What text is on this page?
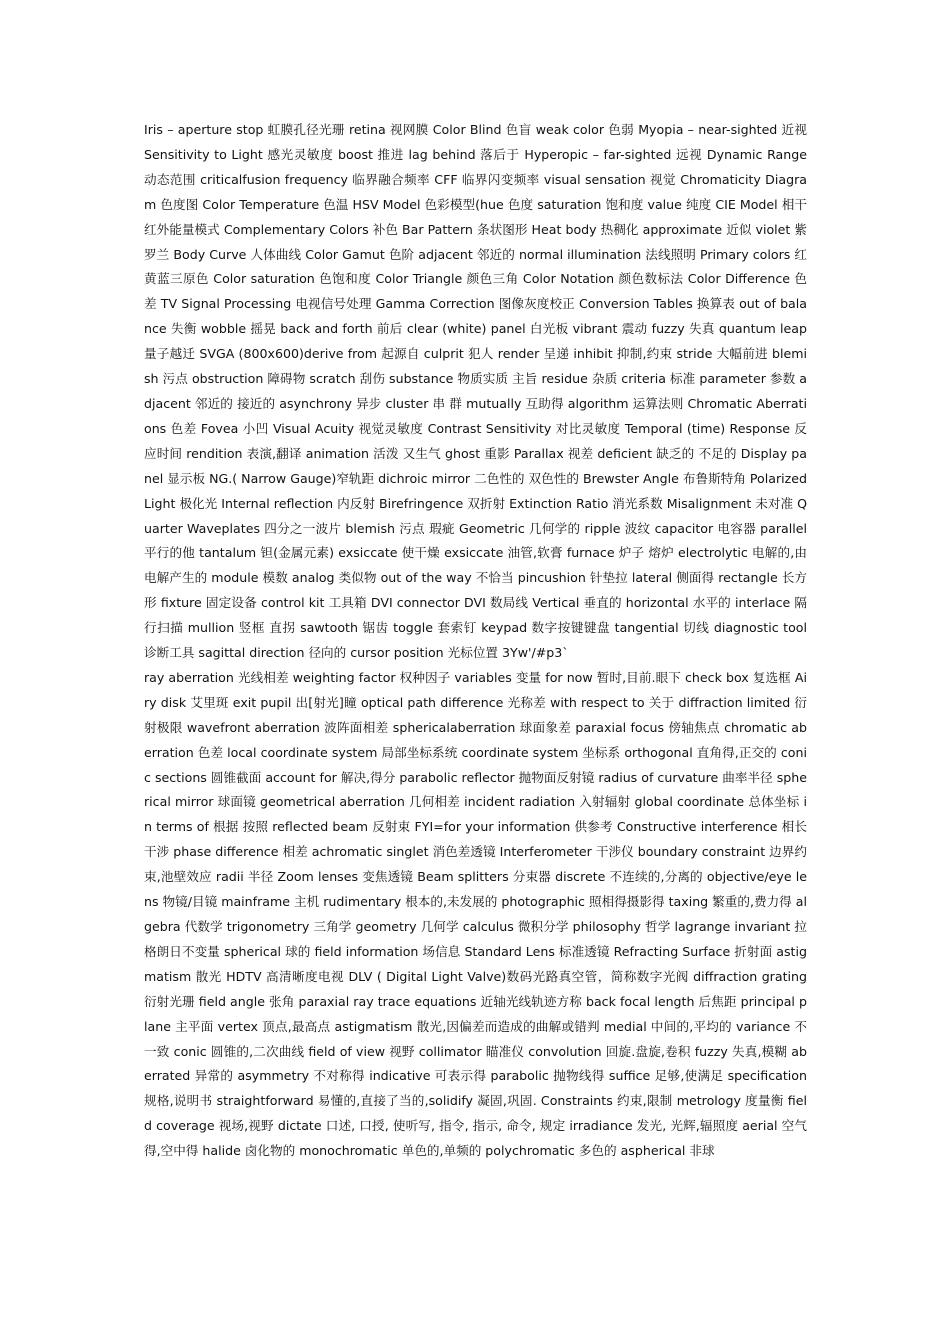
Iris – aperture stop 虹膜孔径光珊 retina 视网膜 Color Blind 色盲 weak color 色弱 Myopia – near-sighted 近视 Sensitivity to Light 感光灵敏度 boost 推进 lag behind 落后于 Hyperopic – far-sighted 远视 Dynamic Range 动态范围 criticalfusion frequency 临界融合频率 CFF 临界闪变频率 visual sensation 视觉 Chromaticity Diagram 色度图 Color Temperature 色温 HSV Model 色彩模型(hue 色度 saturation 饱和度 value 纯度 CIE Model 相干红外能量模式 Complementary Colors 补色 Bar Pattern 条状图形 Heat body 热稠化 approximate 近似 violet 紫罗兰 Body Curve 人体曲线 Color Gamut 色阶 adjacent 邻近的 normal illumination 法线照明 Primary colors 红黄蓝三原色 Color saturation 色饱和度 Color Triangle 颜色三角 Color Notation 颜色数标法 Color Difference 色差 TV Signal Processing 电视信号处理 Gamma Correction 图像灰度校正 Conversion Tables 换算表 out of balance 失衡 wobble 摇晃 back and forth 前后 clear (white) panel 白光板 vibrant 震动 fuzzy 失真 quantum leap 量子越迁 SVGA (800x600)derive from 起源自 culprit 犯人 render 呈递 inhibit 抑制,约束 stride 大幅前进 blemish 污点 obstruction 障碍物 scratch 刮伤 substance 物质实质 主旨 residue 杂质 criteria 标准 parameter 参数 adjacent 邻近的 接近的 asynchrony 异步 cluster 串 群 mutually 互助得 algorithm 运算法则 Chromatic Aberrations 色差 Fovea 小凹 Visual Acuity 视觉灵敏度 Contrast Sensitivity 对比灵敏度 Temporal (time) Response 反应时间 rendition 表演,翻译 animation 活泼 又生气 ghost 重影 Parallax 视差 deficient 缺乏的 不足的 Display panel 显示板 NG.( Narrow Gauge)窄轨距 dichroic mirror 二色性的 双色性的 Brewster Angle 布鲁斯特角 Polarized Light 极化光 Internal reflection 内反射 Birefringence 双折射 Extinction Ratio 消光系数 Misalignment 未对准 Quarter Waveplates 四分之一波片 blemish 污点 瑕疵 Geometric 几何学的 ripple 波纹 capacitor 电容器 parallel 平行的他 tantalum 钽(金属元素) exsiccate 使干燥 exsiccate 油管,软膏 furnace 炉子 熔炉 electrolytic 电解的,由电解产生的 module 模数 analog 类似物 out of the way 不恰当 pincushion 针垫拉 lateral 侧面得 rectangle 长方形 fixture 固定设备 control kit 工具箱 DVI connector DVI 数局线 Vertical 垂直的 horizontal 水平的 interlace 隔行扫描 mullion 竖框 直拐 sawtooth 锯齿 toggle 套索钉 keypad 数字按键键盘 tangential 切线 diagnostic tool 诊断工具 sagittal direction 径向的 cursor position 光标位置 3Yw'/#p3`

ray aberration 光线相差 weighting factor 权种因子 variables 变量 for now 暂时,目前.眼下 check box 复选框 Airy disk 艾里斑 exit pupil 出[射光]瞳 optical path difference 光称差 with respect to 关于 diffraction limited 衍射极限 wavefront aberration 波阵面相差 sphericalaberration 球面象差 paraxial focus 傍轴焦点 chromatic aberration 色差 local coordinate system 局部坐标系统 coordinate system 坐标系 orthogonal 直角得,正交的 conic sections 圆锥截面 account for 解决,得分 parabolic reflector 抛物面反射镜 radius of curvature 曲率半径 spherical mirror 球面镜 geometrical aberration 几何相差 incident radiation 入射辐射 global coordinate 总体坐标 in terms of 根据 按照 reflected beam 反射束 FYI=for your information 供参考 Constructive interference 相长干涉 phase difference 相差 achromatic singlet 消色差透镜 Interferometer 干涉仪 boundary constraint 边界约束,池壁效应 radii 半径 Zoom lenses 变焦透镜 Beam splitters 分束器 discrete 不连续的,分离的 objective/eye lens 物镜/目镜 mainframe 主机 rudimentary 根本的,未发展的 photographic 照相得摄影得 taxing 繁重的,费力得 algebra 代数学 trigonometry 三角学 geometry 几何学 calculus 微积分学 philosophy 哲学 lagrange invariant 拉格朗日不变量 spherical 球的 field information 场信息 Standard Lens 标准透镜 Refracting Surface 折射面 astigmatism 散光 HDTV 高清晰度电视 DLV ( Digital Light Valve)数码光路真空管，简称数字光阀 diffraction grating 衍射光珊 field angle 张角 paraxial ray trace equations 近轴光线轨迹方称 back focal length 后焦距 principal plane 主平面 vertex 顶点,最高点 astigmatism 散光,因偏差而造成的曲解或错判 medial 中间的,平均的 variance 不一致 conic 圆锥的,二次曲线 field of view 视野 collimator 瞄准仪 convolution 回旋.盘旋,卷积 fuzzy 失真,模糊 aberrated 异常的 asymmetry 不对称得 indicative 可表示得 parabolic 抛物线得 suffice 足够,使满足 specification 规格,说明书 straightforward 易懂的,直接了当的,solidify 凝固,巩固. Constraints 约束,限制 metrology 度量衡 field coverage 视场,视野 dictate 口述, 口授, 使听写, 指令, 指示, 命令, 规定 irradiance 发光, 光辉,辐照度 aerial 空气得,空中得 halide 卤化物的 monochromatic 单色的,单频的 polychromatic 多色的 aspherical 非球
